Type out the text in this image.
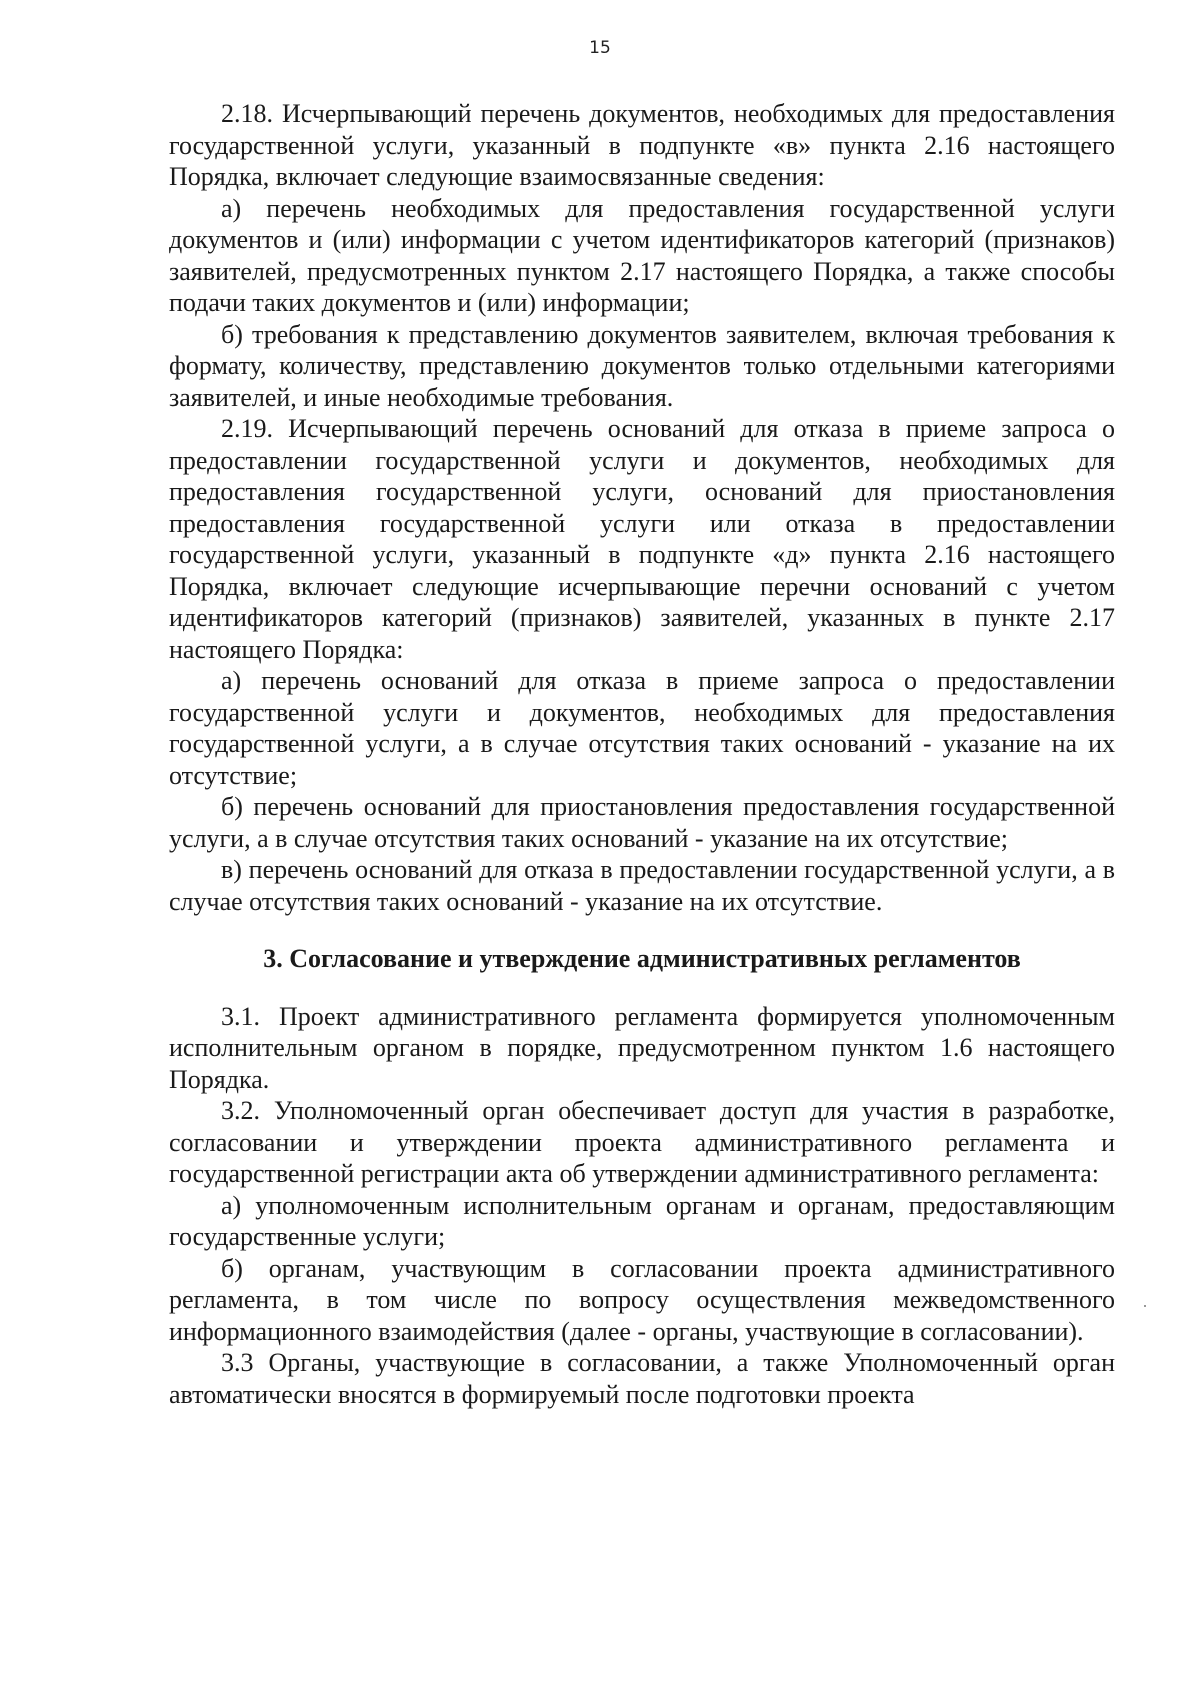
15

2.18. Исчерпывающий перечень документов, необходимых для предоставления государственной услуги, указанный в подпункте «в» пункта 2.16 настоящего Порядка, включает следующие взаимосвязанные сведения:

а) перечень необходимых для предоставления государственной услуги документов и (или) информации с учетом идентификаторов категорий (признаков) заявителей, предусмотренных пунктом 2.17 настоящего Порядка, а также способы подачи таких документов и (или) информации;

б) требования к представлению документов заявителем, включая требования к формату, количеству, представлению документов только отдельными категориями заявителей, и иные необходимые требования.

2.19. Исчерпывающий перечень оснований для отказа в приеме запроса о предоставлении государственной услуги и документов, необходимых для предоставления государственной услуги, оснований для приостановления предоставления государственной услуги или отказа в предоставлении государственной услуги, указанный в подпункте «д» пункта 2.16 настоящего Порядка, включает следующие исчерпывающие перечни оснований с учетом идентификаторов категорий (признаков) заявителей, указанных в пункте 2.17 настоящего Порядка:

а) перечень оснований для отказа в приеме запроса о предоставлении государственной услуги и документов, необходимых для предоставления государственной услуги, а в случае отсутствия таких оснований - указание на их отсутствие;

б) перечень оснований для приостановления предоставления государственной услуги, а в случае отсутствия таких оснований - указание на их отсутствие;

в) перечень оснований для отказа в предоставлении государственной услуги, а в случае отсутствия таких оснований - указание на их отсутствие.

3. Согласование и утверждение административных регламентов

3.1. Проект административного регламента формируется уполномоченным исполнительным органом в порядке, предусмотренном пунктом 1.6 настоящего Порядка.

3.2. Уполномоченный орган обеспечивает доступ для участия в разработке, согласовании и утверждении проекта административного регламента и государственной регистрации акта об утверждении административного регламента:

а) уполномоченным исполнительным органам и органам, предоставляющим государственные услуги;

б) органам, участвующим в согласовании проекта административного регламента, в том числе по вопросу осуществления межведомственного информационного взаимодействия (далее - органы, участвующие в согласовании).

3.3 Органы, участвующие в согласовании, а также Уполномоченный орган автоматически вносятся в формируемый после подготовки проекта
